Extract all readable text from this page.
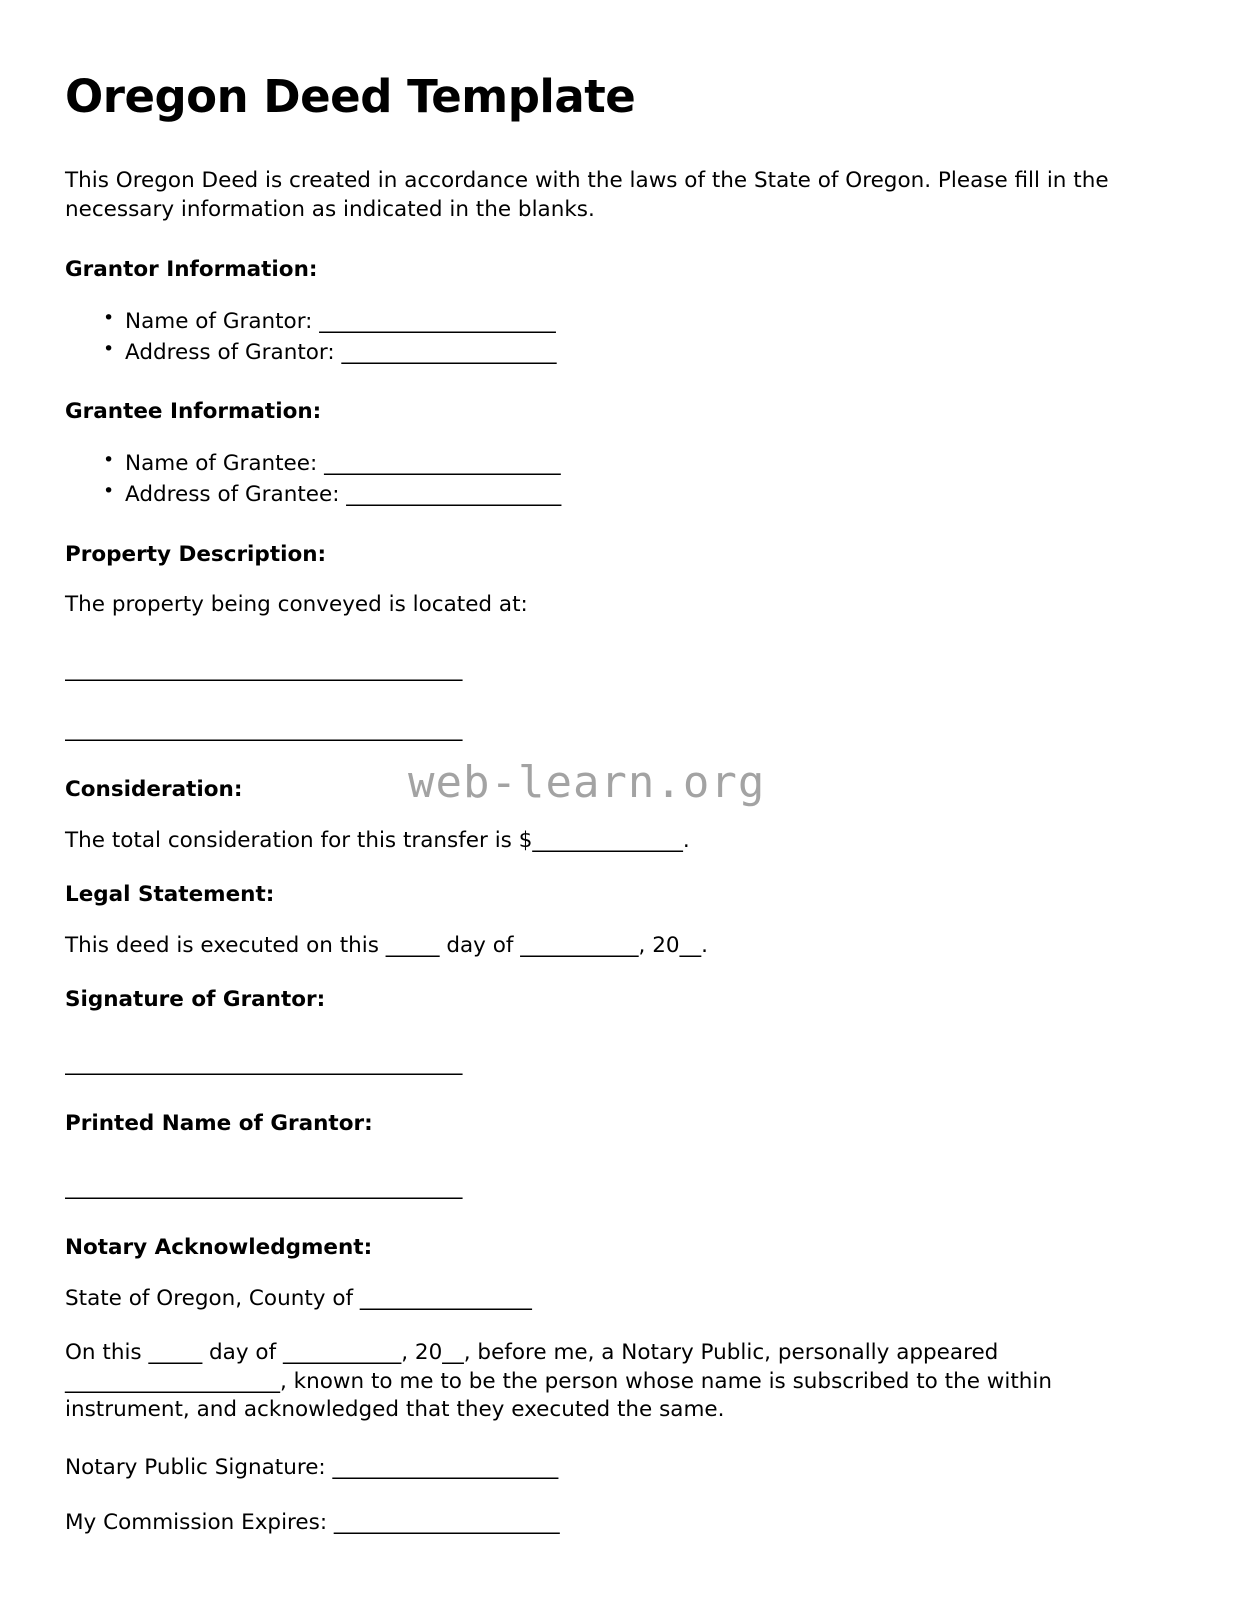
Oregon Deed Template

This Oregon Deed is created in accordance with the laws of the State of Oregon. Please fill in the necessary information as indicated in the blanks.

Grantor Information:
• Name of Grantor: ______________________
• Address of Grantor: ____________________
Grantee Information:
• Name of Grantee: ______________________
• Address of Grantee: ____________________
Property Description:

The property being conveyed is located at:

______________________________________
______________________________________
Consideration:

The total consideration for this transfer is $______________.

Legal Statement:

This deed is executed on this _____ day of ___________, 20__.

Signature of Grantor:
______________________________________
Printed Name of Grantor:
______________________________________
Notary Acknowledgment:

State of Oregon, County of ________________

On this _____ day of ___________, 20__, before me, a Notary Public, personally appeared ____________________, known to me to be the person whose name is subscribed to the within instrument, and acknowledged that they executed the same.

Notary Public Signature: _____________________

My Commission Expires: _____________________

web-learn.org
